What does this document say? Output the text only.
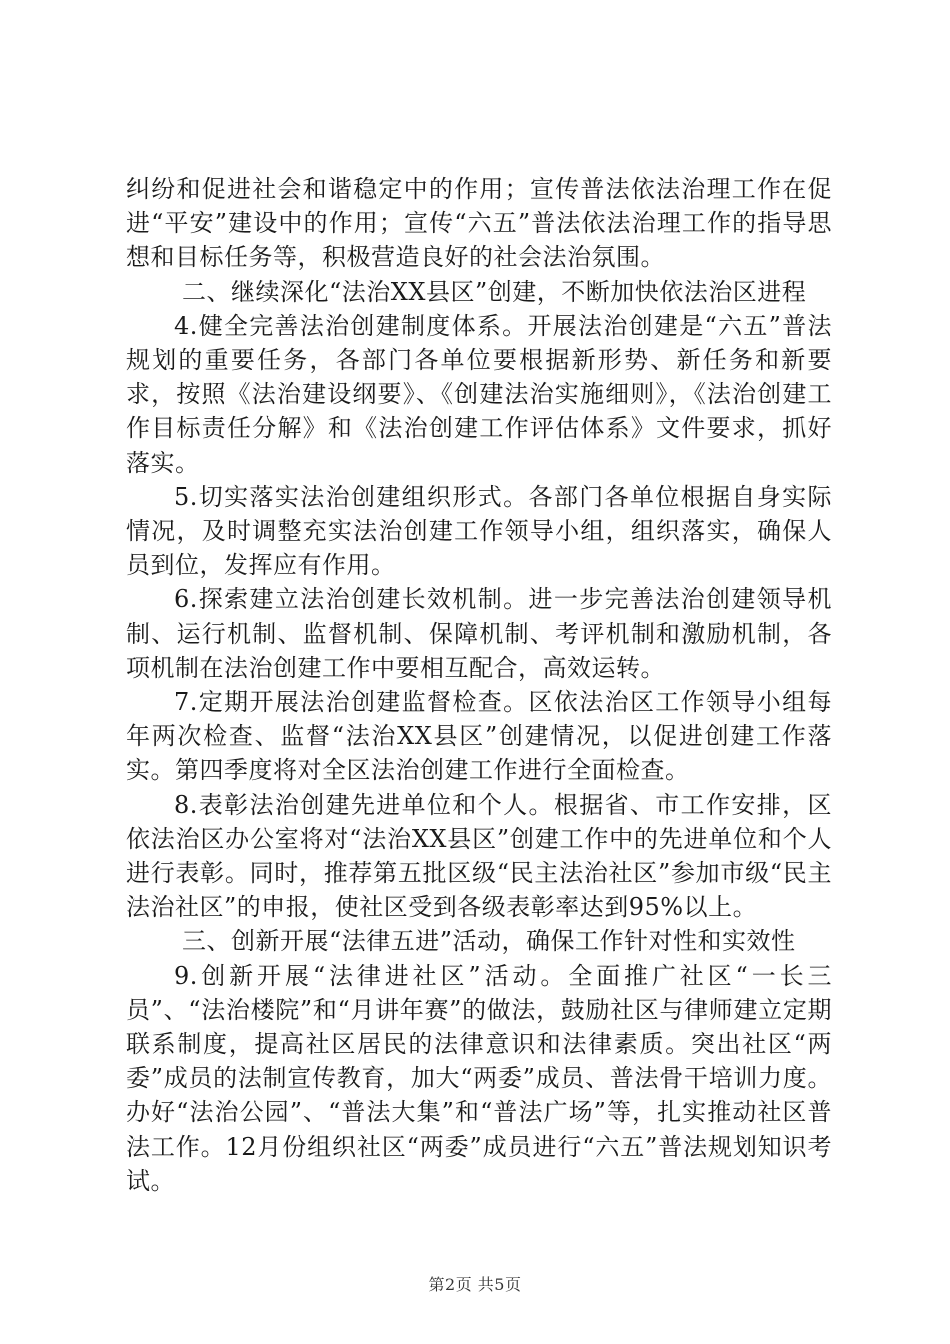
纠纷和促进社会和谐稳定中的作用；宣传普法依法治理工作在促进“平安”建设中的作用；宣传“六五”普法依法治理工作的指导思想和目标任务等，积极营造良好的社会法治氛围。

二、继续深化“法治XX县区”创建，不断加快依法治区进程

4.健全完善法治创建制度体系。开展法治创建是“六五”普法规划的重要任务，各部门各单位要根据新形势、新任务和新要求，按照《法治建设纲要》、《创建法治实施细则》，《法治创建工作目标责任分解》和《法治创建工作评估体系》文件要求，抓好落实。

5.切实落实法治创建组织形式。各部门各单位根据自身实际情况，及时调整充实法治创建工作领导小组，组织落实，确保人员到位，发挥应有作用。

6.探索建立法治创建长效机制。进一步完善法治创建领导机制、运行机制、监督机制、保障机制、考评机制和激励机制，各项机制在法治创建工作中要相互配合，高效运转。

7.定期开展法治创建监督检查。区依法治区工作领导小组每年两次检查、监督“法治XX县区”创建情况，以促进创建工作落实。第四季度将对全区法治创建工作进行全面检查。

8.表彰法治创建先进单位和个人。根据省、市工作安排，区依法治区办公室将对“法治XX县区”创建工作中的先进单位和个人进行表彰。同时，推荐第五批区级“民主法治社区”参加市级“民主法治社区”的申报，使社区受到各级表彰率达到95%以上。

三、创新开展“法律五进”活动，确保工作针对性和实效性

9.创新开展“法律进社区”活动。全面推广社区“一长三员”、“法治楼院”和“月讲年赛”的做法，鼓励社区与律师建立定期联系制度，提高社区居民的法律意识和法律素质。突出社区“两委”成员的法制宣传教育，加大“两委”成员、普法骨干培训力度。办好“法治公园”、“普法大集”和“普法广场”等，扎实推动社区普法工作。12月份组织社区“两委”成员进行“六五”普法规划知识考试。

第2页 共5页
